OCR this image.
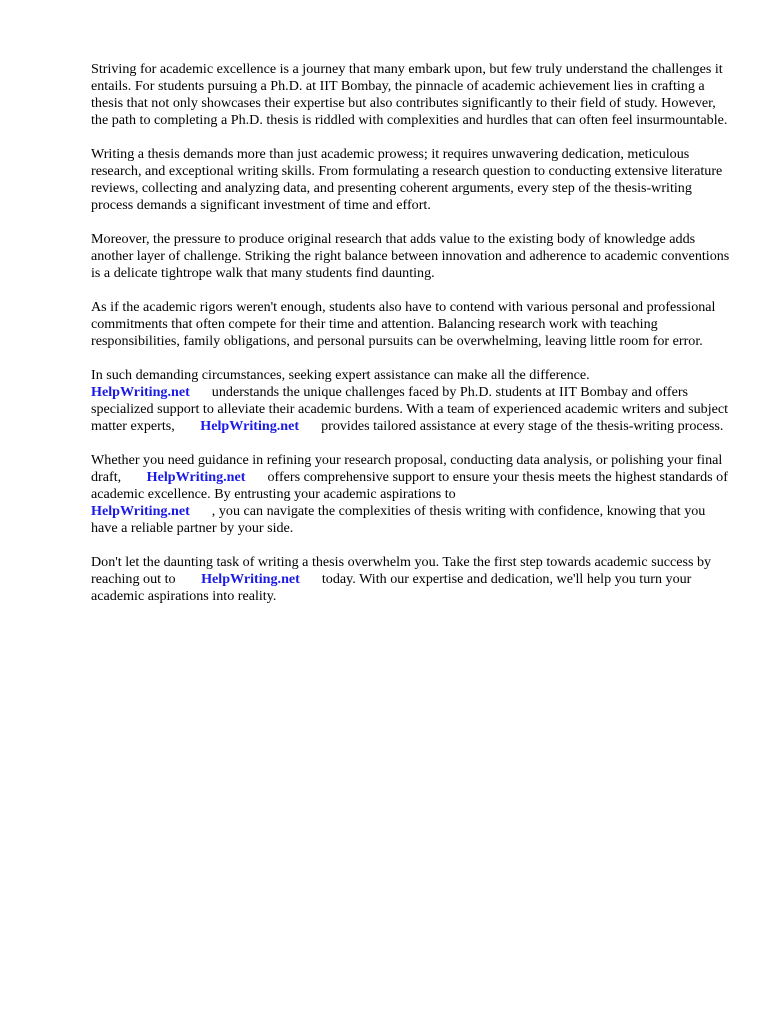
Striving for academic excellence is a journey that many embark upon, but few truly understand the challenges it entails. For students pursuing a Ph.D. at IIT Bombay, the pinnacle of academic achievement lies in crafting a thesis that not only showcases their expertise but also contributes significantly to their field of study. However, the path to completing a Ph.D. thesis is riddled with complexities and hurdles that can often feel insurmountable.

Writing a thesis demands more than just academic prowess; it requires unwavering dedication, meticulous research, and exceptional writing skills. From formulating a research question to conducting extensive literature reviews, collecting and analyzing data, and presenting coherent arguments, every step of the thesis-writing process demands a significant investment of time and effort.

Moreover, the pressure to produce original research that adds value to the existing body of knowledge adds another layer of challenge. Striking the right balance between innovation and adherence to academic conventions is a delicate tightrope walk that many students find daunting.

As if the academic rigors weren't enough, students also have to contend with various personal and professional commitments that often compete for their time and attention. Balancing research work with teaching responsibilities, family obligations, and personal pursuits can be overwhelming, leaving little room for error.

In such demanding circumstances, seeking expert assistance can make all the difference.
HelpWriting.net understands the unique challenges faced by Ph.D. students at IIT Bombay and offers specialized support to alleviate their academic burdens. With a team of experienced academic writers and subject matter experts, HelpWriting.net provides tailored assistance at every stage of the thesis-writing process.

Whether you need guidance in refining your research proposal, conducting data analysis, or polishing your final draft, HelpWriting.net offers comprehensive support to ensure your thesis meets the highest standards of academic excellence. By entrusting your academic aspirations to
HelpWriting.net , you can navigate the complexities of thesis writing with confidence, knowing that you have a reliable partner by your side.

Don't let the daunting task of writing a thesis overwhelm you. Take the first step towards academic success by reaching out to HelpWriting.net today. With our expertise and dedication, we'll help you turn your academic aspirations into reality.
